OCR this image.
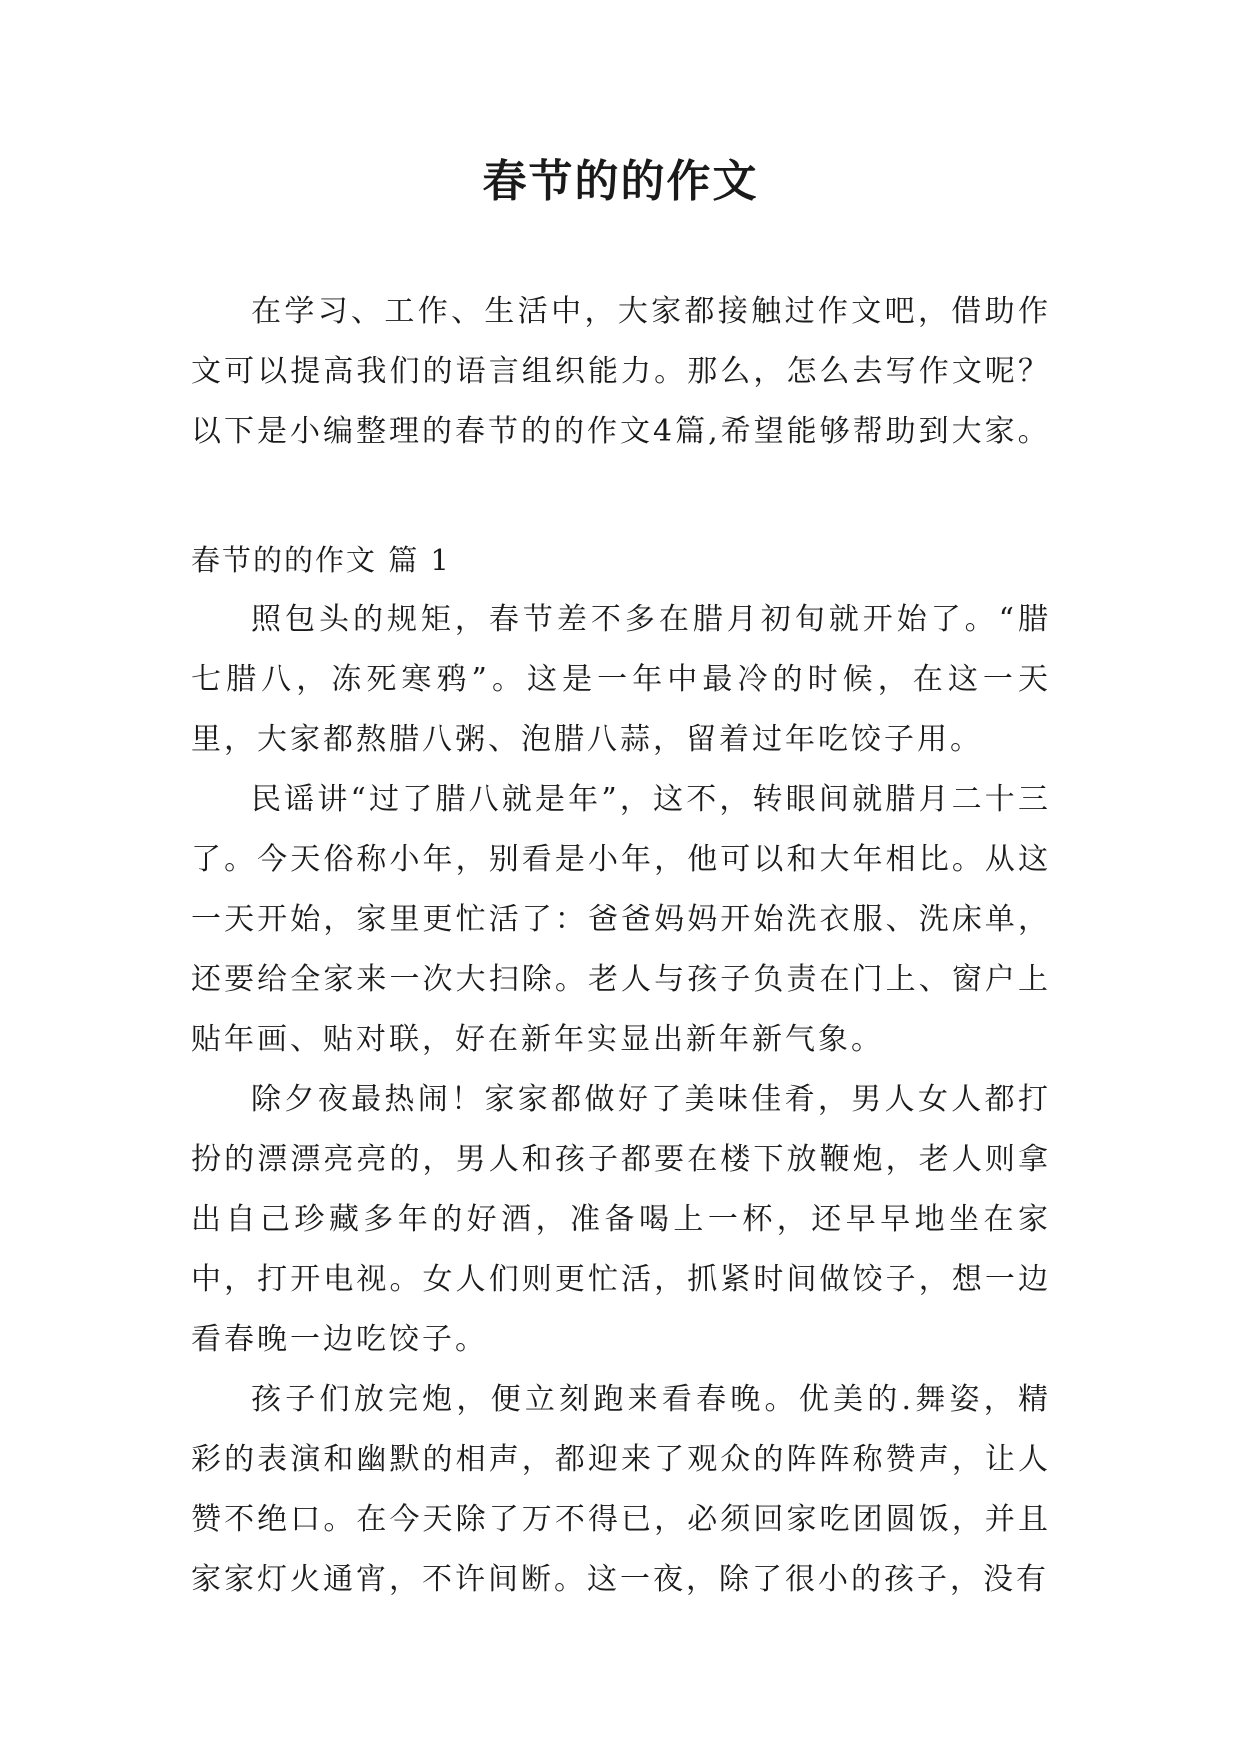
春节的的作文

在学习、工作、生活中，大家都接触过作文吧，借助作文可以提高我们的语言组织能力。那么，怎么去写作文呢？以下是小编整理的春节的的作文4篇,希望能够帮助到大家。

春节的的作文 篇 1

照包头的规矩，春节差不多在腊月初旬就开始了。“腊七腊八，冻死寒鸦”。这是一年中最冷的时候，在这一天里，大家都熬腊八粥、泡腊八蒜，留着过年吃饺子用。

民谣讲“过了腊八就是年”，这不，转眼间就腊月二十三了。今天俗称小年，别看是小年，他可以和大年相比。从这一天开始，家里更忙活了：爸爸妈妈开始洗衣服、洗床单，还要给全家来一次大扫除。老人与孩子负责在门上、窗户上贴年画、贴对联，好在新年实显出新年新气象。

除夕夜最热闹！家家都做好了美味佳肴，男人女人都打扮的漂漂亮亮的，男人和孩子都要在楼下放鞭炮，老人则拿出自己珍藏多年的好酒，准备喝上一杯，还早早地坐在家中，打开电视。女人们则更忙活，抓紧时间做饺子，想一边看春晚一边吃饺子。

孩子们放完炮，便立刻跑来看春晚。优美的.舞姿，精彩的表演和幽默的相声，都迎来了观众的阵阵称赞声，让人赞不绝口。在今天除了万不得已，必须回家吃团圆饭，并且家家灯火通宵，不许间断。这一夜，除了很小的孩子，没有
